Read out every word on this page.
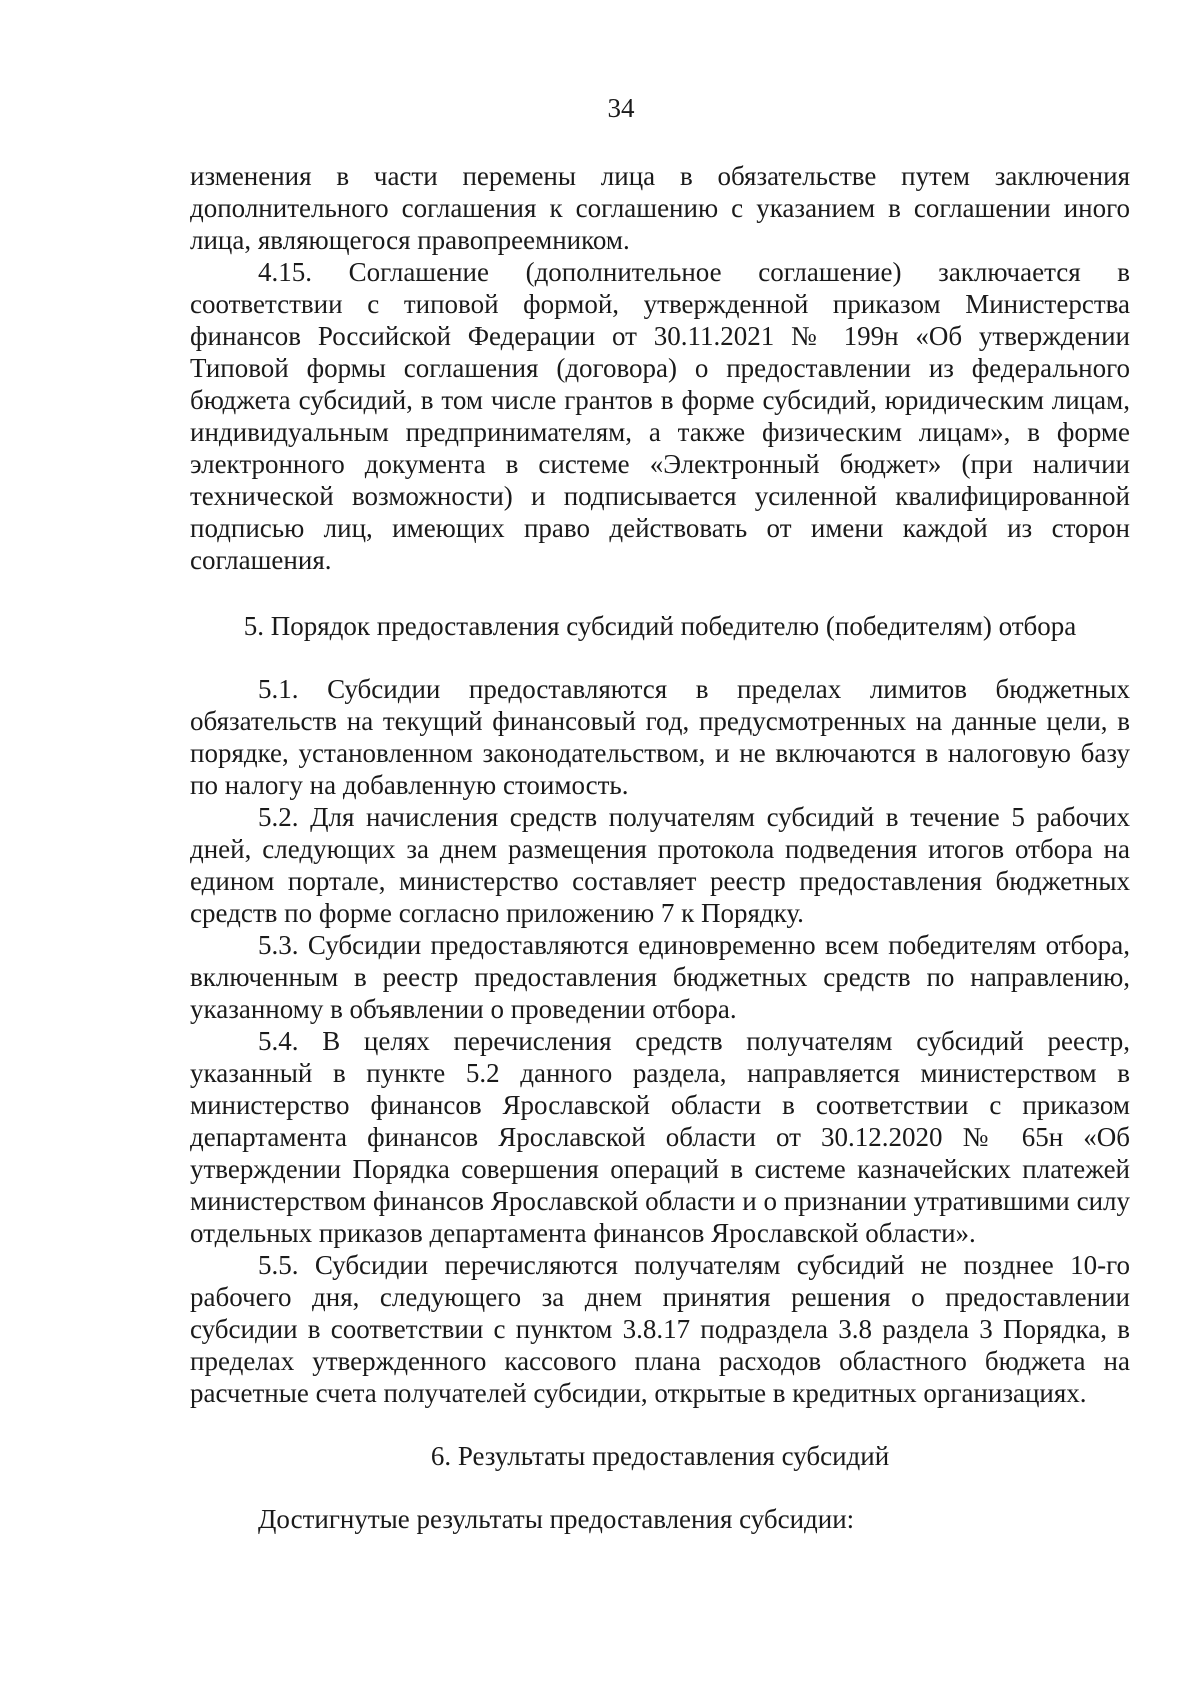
34

изменения в части перемены лица в обязательстве путем заключения дополнительного соглашения к соглашению с указанием в соглашении иного лица, являющегося правопреемником.

4.15. Соглашение (дополнительное соглашение) заключается в соответствии с типовой формой, утвержденной приказом Министерства финансов Российской Федерации от 30.11.2021 № 199н «Об утверждении Типовой формы соглашения (договора) о предоставлении из федерального бюджета субсидий, в том числе грантов в форме субсидий, юридическим лицам, индивидуальным предпринимателям, а также физическим лицам», в форме электронного документа в системе «Электронный бюджет» (при наличии технической возможности) и подписывается усиленной квалифицированной подписью лиц, имеющих право действовать от имени каждой из сторон соглашения.

5. Порядок предоставления субсидий победителю (победителям) отбора

5.1. Субсидии предоставляются в пределах лимитов бюджетных обязательств на текущий финансовый год, предусмотренных на данные цели, в порядке, установленном законодательством, и не включаются в налоговую базу по налогу на добавленную стоимость.

5.2. Для начисления средств получателям субсидий в течение 5 рабочих дней, следующих за днем размещения протокола подведения итогов отбора на едином портале, министерство составляет реестр предоставления бюджетных средств по форме согласно приложению 7 к Порядку.

5.3. Субсидии предоставляются единовременно всем победителям отбора, включенным в реестр предоставления бюджетных средств по направлению, указанному в объявлении о проведении отбора.

5.4. В целях перечисления средств получателям субсидий реестр, указанный в пункте 5.2 данного раздела, направляется министерством в министерство финансов Ярославской области в соответствии с приказом департамента финансов Ярославской области от 30.12.2020 № 65н «Об утверждении Порядка совершения операций в системе казначейских платежей министерством финансов Ярославской области и о признании утратившими силу отдельных приказов департамента финансов Ярославской области».

5.5. Субсидии перечисляются получателям субсидий не позднее 10-го рабочего дня, следующего за днем принятия решения о предоставлении субсидии в соответствии с пунктом 3.8.17 подраздела 3.8 раздела 3 Порядка, в пределах утвержденного кассового плана расходов областного бюджета на расчетные счета получателей субсидии, открытые в кредитных организациях.

6. Результаты предоставления субсидий

Достигнутые результаты предоставления субсидии:
